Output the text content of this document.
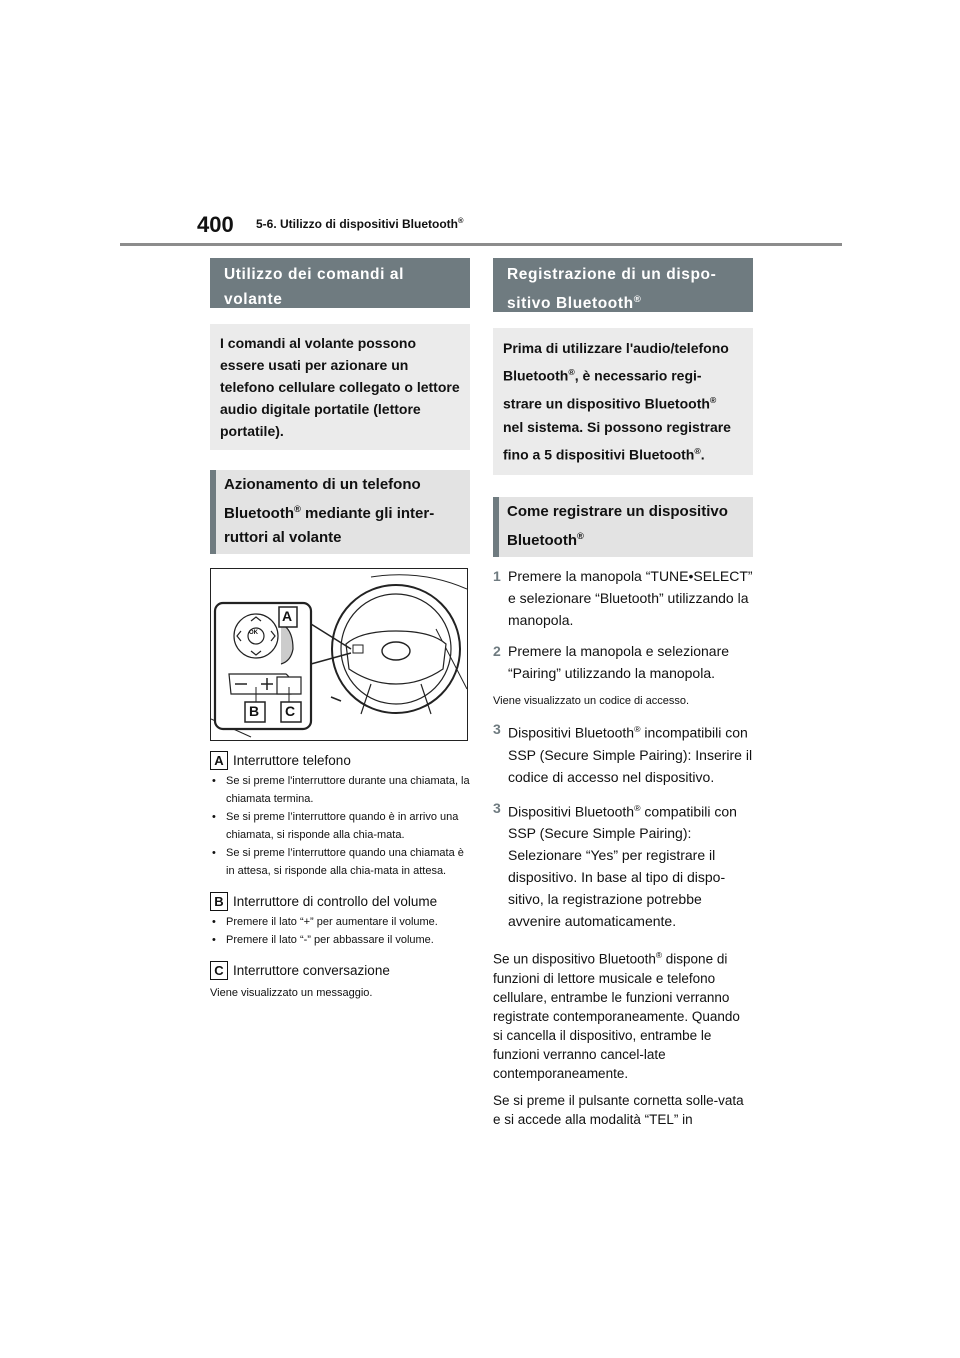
400 5-6. Utilizzo di dispositivi Bluetooth®
Utilizzo dei comandi al volante
I comandi al volante possono essere usati per azionare un telefono cellulare collegato o lettore audio digitale portatile (lettore portatile).
Azionamento di un telefono
Bluetooth® mediante gli inter-
ruttori al volante
OK
A
B C
A Interruttore telefono
• Se si preme l'interruttore durante una chiamata, la chiamata termina.
• Se si preme l’interruttore quando è in arrivo una chiamata, si risponde alla chia-mata.
• Se si preme l’interruttore quando una chiamata è in attesa, si risponde alla chia-mata in attesa.
B Interruttore di controllo del volume
• Premere il lato “+” per aumentare il volume.
• Premere il lato “-” per abbassare il volume.
C Interruttore conversazione
Viene visualizzato un messaggio.
Registrazione di un dispo-
sitivo Bluetooth®
Prima di utilizzare l'audio/telefono
Bluetooth®, è necessario regi-
strare un dispositivo Bluetooth®
nel sistema. Si possono registrare
fino a 5 dispositivi Bluetooth®.
Come registrare un dispositivo
Bluetooth®
1 Premere la manopola “TUNE•SELECT” e selezionare “Bluetooth” utilizzando la manopola.
2 Premere la manopola e selezionare “Pairing” utilizzando la manopola.
Viene visualizzato un codice di accesso.
3 Dispositivi Bluetooth® incompatibili con SSP (Secure Simple Pairing): Inserire il codice di accesso nel dispositivo.
3 Dispositivi Bluetooth® compatibili con SSP (Secure Simple Pairing): Selezionare “Yes” per registrare il dispositivo. In base al tipo di dispo-sitivo, la registrazione potrebbe avvenire automaticamente.
Se un dispositivo Bluetooth® dispone di funzioni di lettore musicale e telefono cellulare, entrambe le funzioni verranno registrate contemporaneamente. Quando si cancella il dispositivo, entrambe le funzioni verranno cancel-late contemporaneamente.
Se si preme il pulsante cornetta solle-vata e si accede alla modalità “TEL” in
